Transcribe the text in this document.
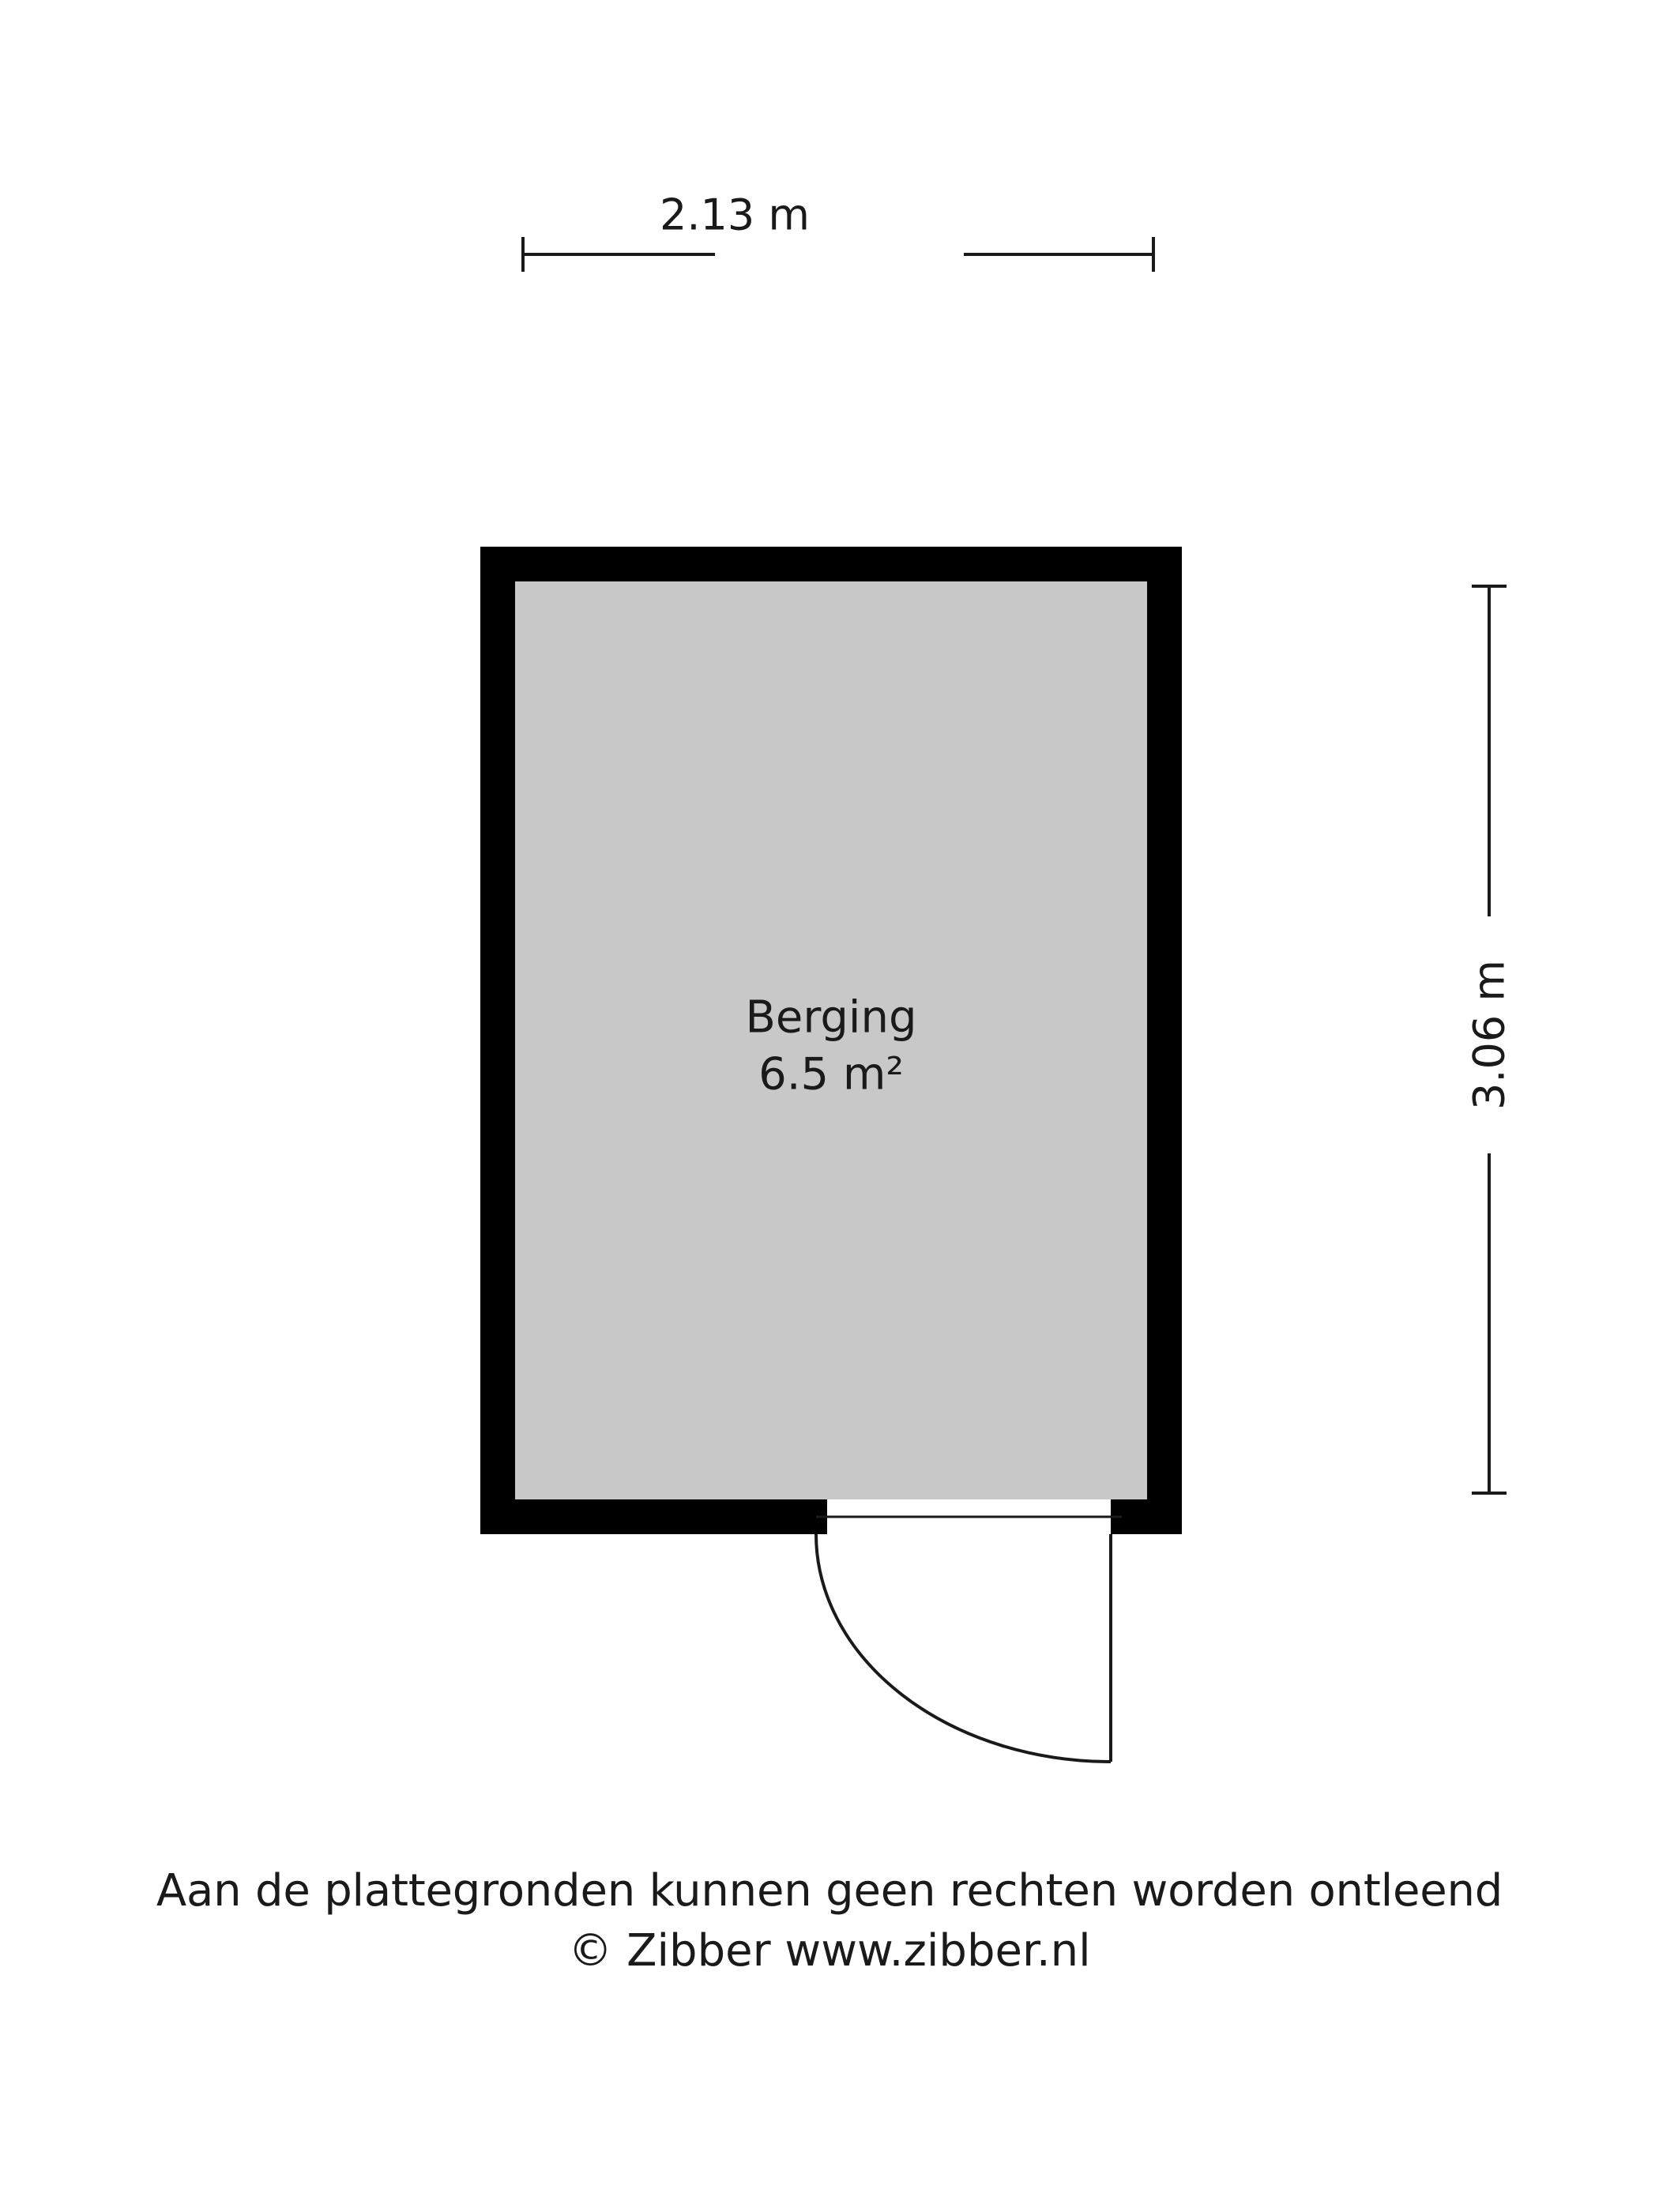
2.13 m
3.06 m
Berging
6.5 m²
Aan de plattegronden kunnen geen rechten worden ontleend
© Zibber www.zibber.nl
